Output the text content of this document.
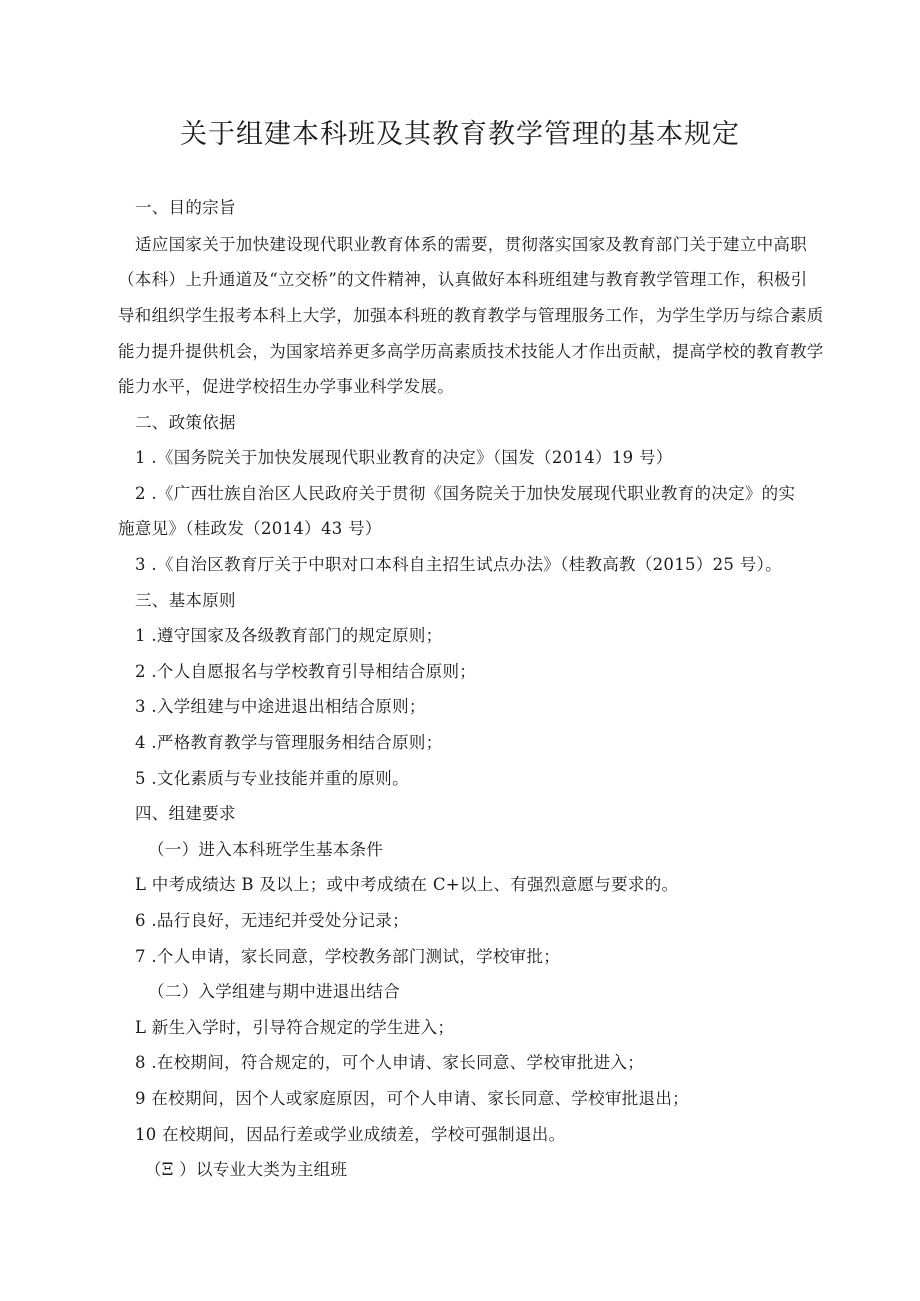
关于组建本科班及其教育教学管理的基本规定
一、目的宗旨
适应国家关于加快建设现代职业教育体系的需要，贯彻落实国家及教育部门关于建立中高职
（本科）上升通道及“立交桥”的文件精神，认真做好本科班组建与教育教学管理工作，积极引
导和组织学生报考本科上大学，加强本科班的教育教学与管理服务工作，为学生学历与综合素质
能力提升提供机会，为国家培养更多高学历高素质技术技能人才作出贡献，提高学校的教育教学
能力水平，促进学校招生办学事业科学发展。
二、政策依据
1 .《国务院关于加快发展现代职业教育的决定》（国发（2014）19 号）
2 .《广西壮族自治区人民政府关于贯彻《国务院关于加快发展现代职业教育的决定》的实
施意见》（桂政发（2014）43 号）
3 .《自治区教育厅关于中职对口本科自主招生试点办法》（桂教高教（2015）25 号）。
三、基本原则
1 .遵守国家及各级教育部门的规定原则；
2 .个人自愿报名与学校教育引导相结合原则；
3 .入学组建与中途进退出相结合原则；
4 .严格教育教学与管理服务相结合原则；
5 .文化素质与专业技能并重的原则。
四、组建要求
（一）进入本科班学生基本条件
L 中考成绩达 B 及以上；或中考成绩在 C+以上、有强烈意愿与要求的。
6 .品行良好，无违纪并受处分记录；
7 .个人申请，家长同意，学校教务部门测试，学校审批；
（二）入学组建与期中进退出结合
L 新生入学时，引导符合规定的学生进入；
8 .在校期间，符合规定的，可个人申请、家长同意、学校审批进入；
9 在校期间，因个人或家庭原因，可个人申请、家长同意、学校审批退出；
10 在校期间，因品行差或学业成绩差，学校可强制退出。
（Ξ ）以专业大类为主组班
